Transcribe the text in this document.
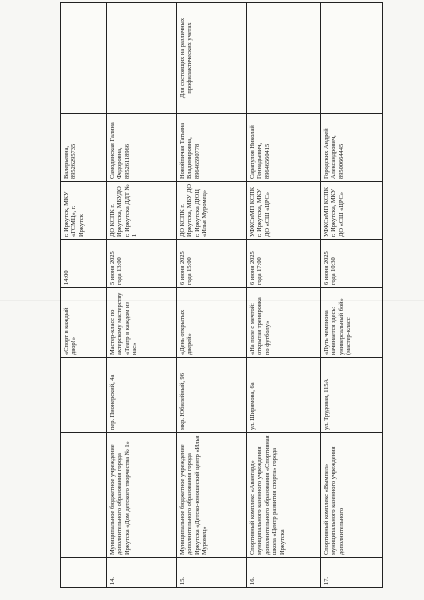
			«Спорт в каждый двор!»	14:00	г. Иркутск, МКУ «ГСМЦ», г. Иркутск	Валерьевна, 89526295735	
14.	Муниципальное бюджетное учреждение дополнительного образования города Иркутска «Дом детского творчества № 1»	пер. Пионерский, 4а	Мастер-класс по актерскому мастерству «Театр в каждом из нас»	5 июня 2025 года 13:00	ДО КСПК г. Иркутска, МБУДО г. Иркутска ДДТ № 1	Самодинская Галина Федоровна, 89526118966	
15.	Муниципальное бюджетное учреждение дополнительного образования города Иркутска «Детско-юношеский центр «Илья Муромец»	мкр. Юбилейный, 96	«День открытых дверей»	6 июня 2025 года 15:00	ДО КСПК г. Иркутска, МБУ ДО г. Иркутска ДЮЦ «Илья Муромец»	Новойпичая Татьяна Владимировна, 89646590778	Для состоящих на различных профилактических учетах
16.	Спортивный комплекс «Авангард» муниципального казенного учреждения дополнительного образования «Спортивная школа «Центр развития спорта» города Иркутска	ул. Ширямова, 6а	«На поле с мечтой: открытая тренировка по футболу»	6 июня 2025 года 17:00	УФКСиМП КСПК г. Иркутска, МКУ ДО «СШ «ЦРС»	Сарапулов Николай Геннадьевич, 89646560415	
17.	Спортивный комплекс «Вымпел» муниципального казенного учреждения дополнительного	ул. Трудовая, 115А	«Путь чемпиона начинается здесь: универсальный бой» (мастер-класс	6 июня 2025 года 10:30	УФКСиМП КСПК г. Иркутска, МКУ ДО «СШ «ЦРС»	Городских Андрей Александрович, 89500664445	
